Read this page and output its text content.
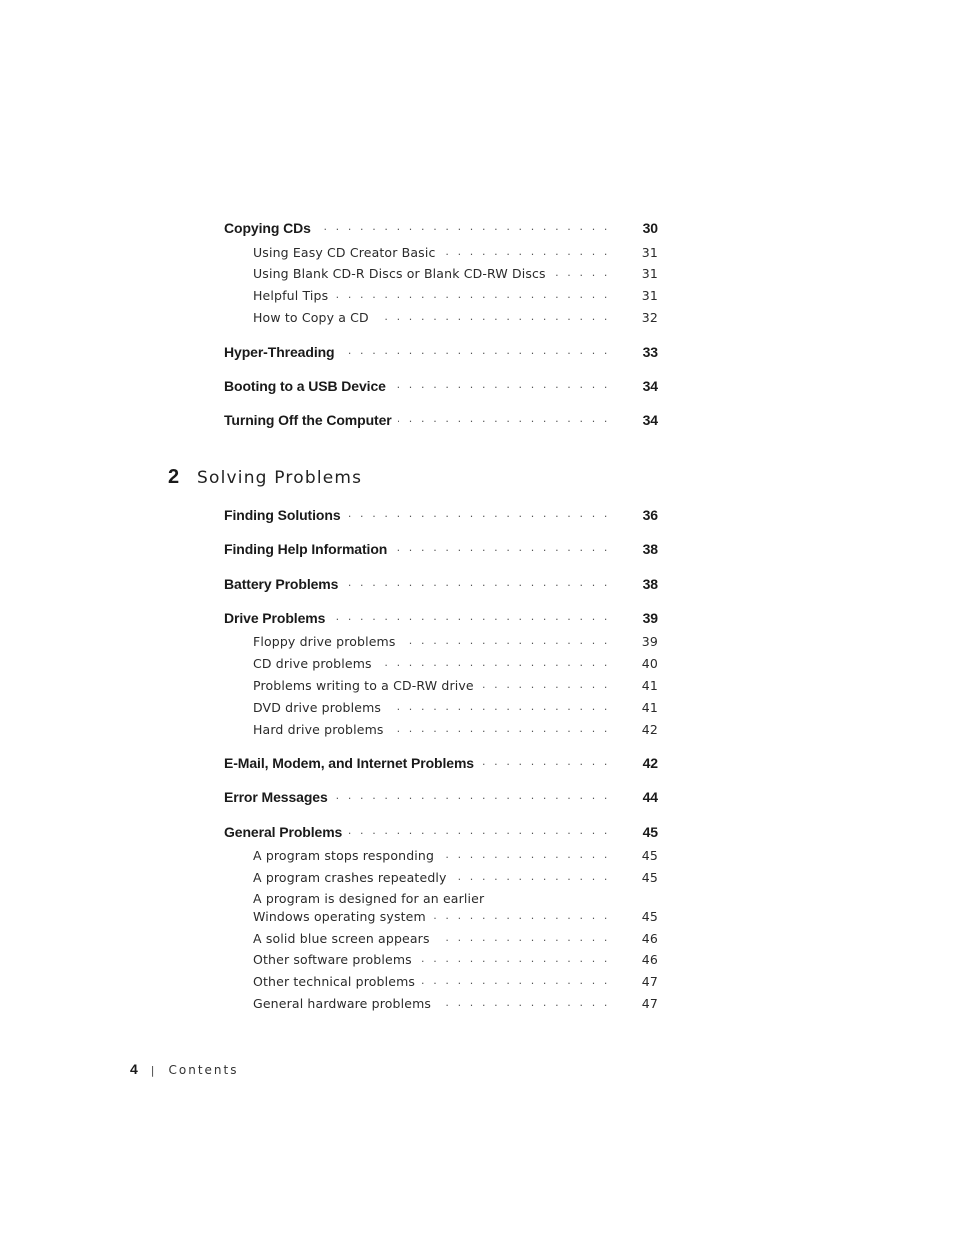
Copying CDs . . .	30
Using Easy CD Creator Basic . . .	31
Using Blank CD-R Discs or Blank CD-RW Discs . . .	31
Helpful Tips . . .	31
How to Copy a CD . . .	32
Hyper-Threading . . .	33
Booting to a USB Device . . .	34
Turning Off the Computer . . .	34
2	Solving Problems
Finding Solutions . . .	36
Finding Help Information . . .	38
Battery Problems . . .	38
Drive Problems . . .	39
Floppy drive problems . . .	39
CD drive problems . . .	40
Problems writing to a CD-RW drive . . .	41
DVD drive problems . . .	41
Hard drive problems . . .	42
E-Mail, Modem, and Internet Problems . . .	42
Error Messages . . .	44
General Problems . . .	45
A program stops responding . . .	45
A program crashes repeatedly . . .	45
A program is designed for an earlier
Windows operating system . . .	45
A solid blue screen appears . . .	46
Other software problems . . .	46
Other technical problems . . .	47
General hardware problems . . .	47
4 | Contents
